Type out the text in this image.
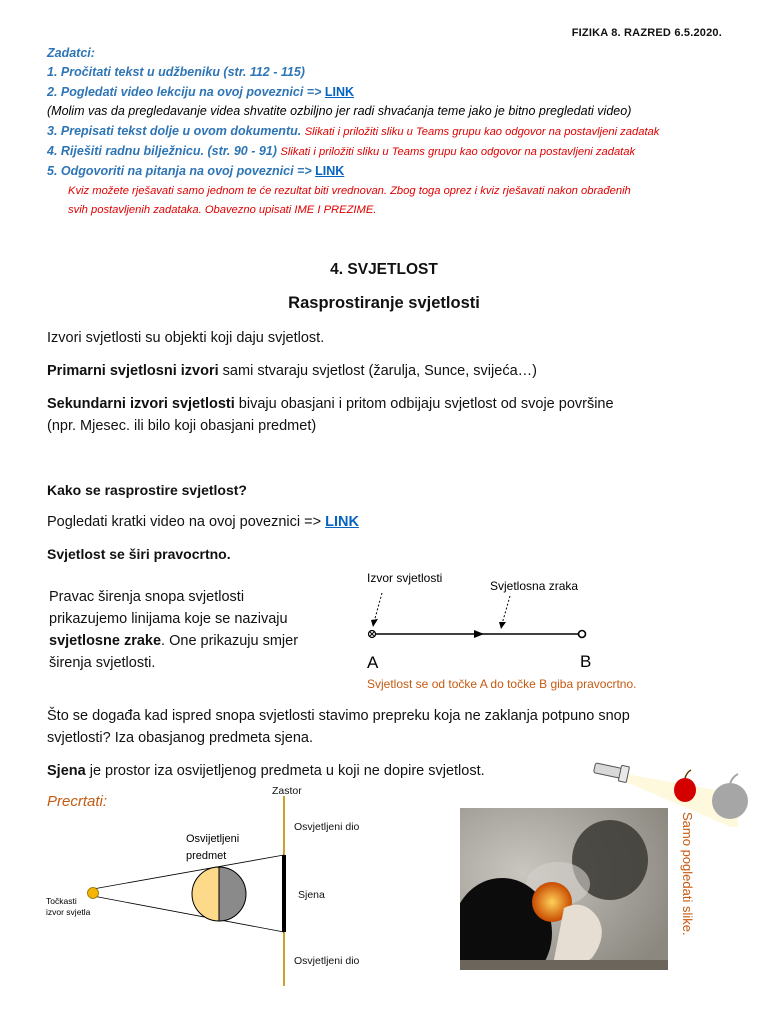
FIZIKA 8. RAZRED 6.5.2020.
Zadatci:
1. Pročitati tekst u udžbeniku (str. 112 - 115)
2. Pogledati video lekciju na ovoj poveznici => LINK
(Molim vas da pregledavanje videa shvatite ozbiljno jer radi shvaćanja teme jako je bitno pregledati video)
3. Prepisati tekst dolje u ovom dokumentu. Slikati i priložiti sliku u Teams grupu kao odgovor na postavljeni zadatak
4. Riješiti radnu bilježnicu. (str. 90 - 91) Slikati i priložiti sliku u Teams grupu kao odgovor na postavljeni zadatak
5. Odgovoriti na pitanja na ovoj poveznici => LINK
Kviz možete rješavati samo jednom te će rezultat biti vrednovan. Zbog toga oprez i kviz rješavati nakon obrađenih
svih postavljenih zadataka. Obavezno upisati IME I PREZIME.
4. SVJETLOST
Rasprostiranje svjetlosti
Izvori svjetlosti su objekti koji daju svjetlost.
Primarni svjetlosni izvori sami stvaraju svjetlost (žarulja, Sunce, svijeća…)
Sekundarni izvori svjetlosti bivaju obasjani i pritom odbijaju svjetlost od svoje površine
(npr. Mjesec. ili bilo koji obasjani predmet)
Kako se rasprostire svjetlost?
Pogledati kratki video na ovoj poveznici => LINK
Svjetlost se širi pravocrtno.
Pravac širenja snopa svjetlosti prikazujemo linijama koje se nazivaju svjetlosne zrake. One prikazuju smjer širenja svjetlosti.
Izvor svjetlosti
Svjetlosna zraka
A	B
Svjetlost se od točke A do točke B giba pravocrtno.
Što se događa kad ispred snopa svjetlosti stavimo prepreku koja ne zaklanja potpuno snop
svjetlosti? Iza obasjanog predmeta sjena.
Sjena je prostor iza osvijetljenog predmeta u koji ne dopire svjetlost.
Precrtati:
Zastor
Osvjetljeni dio
Sjena
Osvjetljeni dio
Osvijetljeni
predmet
Točkasti
izvor svjetla	Samo pogledati slike.
